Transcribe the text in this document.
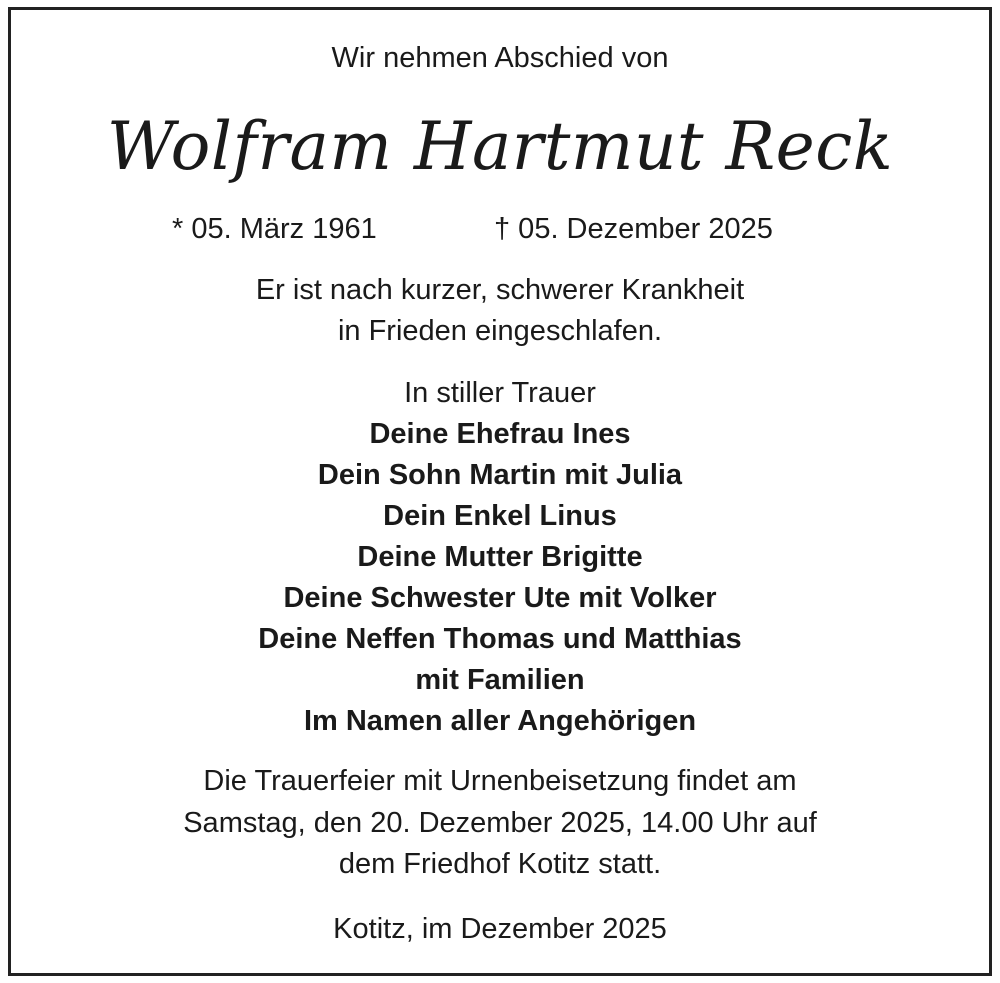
Wir nehmen Abschied von
Wolfram Hartmut Reck
* 05. März 1961	† 05. Dezember 2025
Er ist nach kurzer, schwerer Krankheit
in Frieden eingeschlafen.
In stiller Trauer
Deine Ehefrau Ines
Dein Sohn Martin mit Julia
Dein Enkel Linus
Deine Mutter Brigitte
Deine Schwester Ute mit Volker
Deine Neffen Thomas und Matthias
mit Familien
Im Namen aller Angehörigen
Die Trauerfeier mit Urnenbeisetzung findet am
Samstag, den 20. Dezember 2025, 14.00 Uhr auf
dem Friedhof Kotitz statt.
Kotitz, im Dezember 2025
